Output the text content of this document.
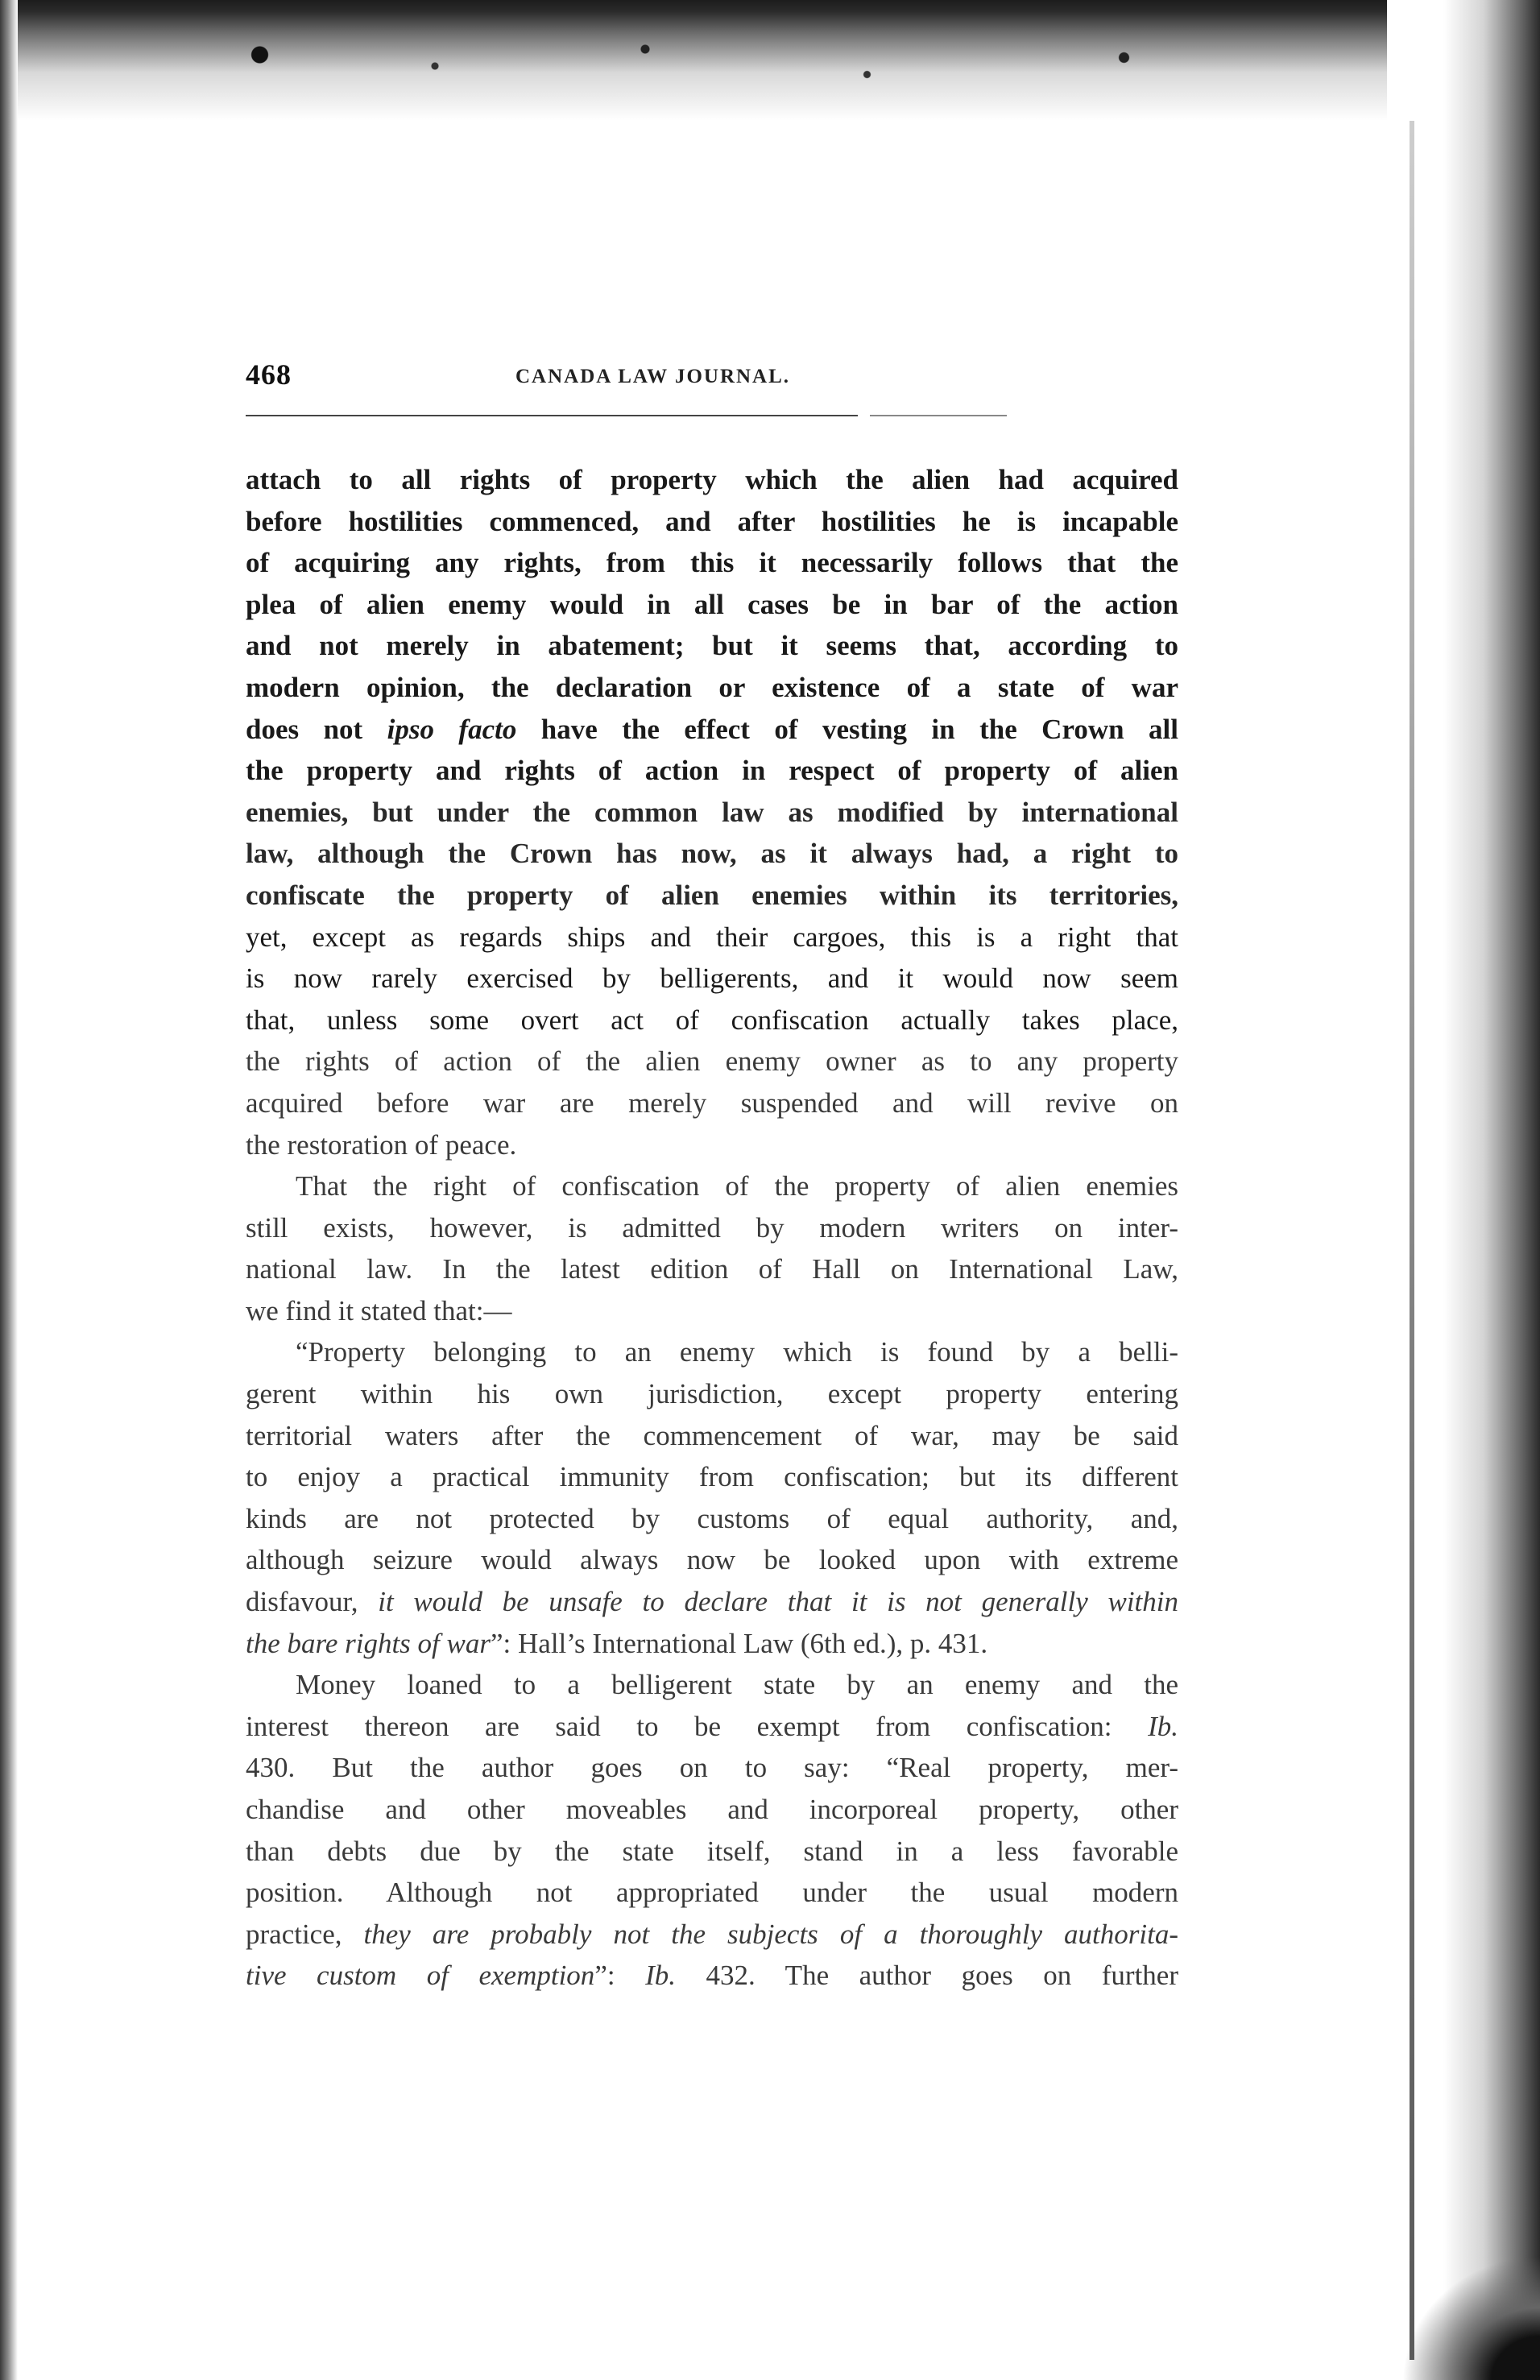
468	CANADA LAW JOURNAL.
attach to all rights of property which the alien had acquired
before hostilities commenced, and after hostilities he is incapable
of acquiring any rights, from this it necessarily follows that the
plea of alien enemy would in all cases be in bar of the action
and not merely in abatement; but it seems that, according to
modern opinion, the declaration or existence of a state of war
does not ipso facto have the effect of vesting in the Crown all
the property and rights of action in respect of property of alien
enemies, but under the common law as modified by international
law, although the Crown has now, as it always had, a right to
confiscate the property of alien enemies within its territories,
yet, except as regards ships and their cargoes, this is a right that
is now rarely exercised by belligerents, and it would now seem
that, unless some overt act of confiscation actually takes place,
the rights of action of the alien enemy owner as to any property
acquired before war are merely suspended and will revive on
the restoration of peace.
That the right of confiscation of the property of alien enemies
still exists, however, is admitted by modern writers on inter-
national law. In the latest edition of Hall on International Law,
we find it stated that:—
“Property belonging to an enemy which is found by a belli-
gerent within his own jurisdiction, except property entering
territorial waters after the commencement of war, may be said
to enjoy a practical immunity from confiscation; but its different
kinds are not protected by customs of equal authority, and,
although seizure would always now be looked upon with extreme
disfavour, it would be unsafe to declare that it is not generally within
the bare rights of war”: Hall’s International Law (6th ed.), p. 431.
Money loaned to a belligerent state by an enemy and the
interest thereon are said to be exempt from confiscation: Ib.
430. But the author goes on to say: “Real property, mer-
chandise and other moveables and incorporeal property, other
than debts due by the state itself, stand in a less favorable
position. Although not appropriated under the usual modern
practice, they are probably not the subjects of a thoroughly authorita-
tive custom of exemption”: Ib. 432. The author goes on further
